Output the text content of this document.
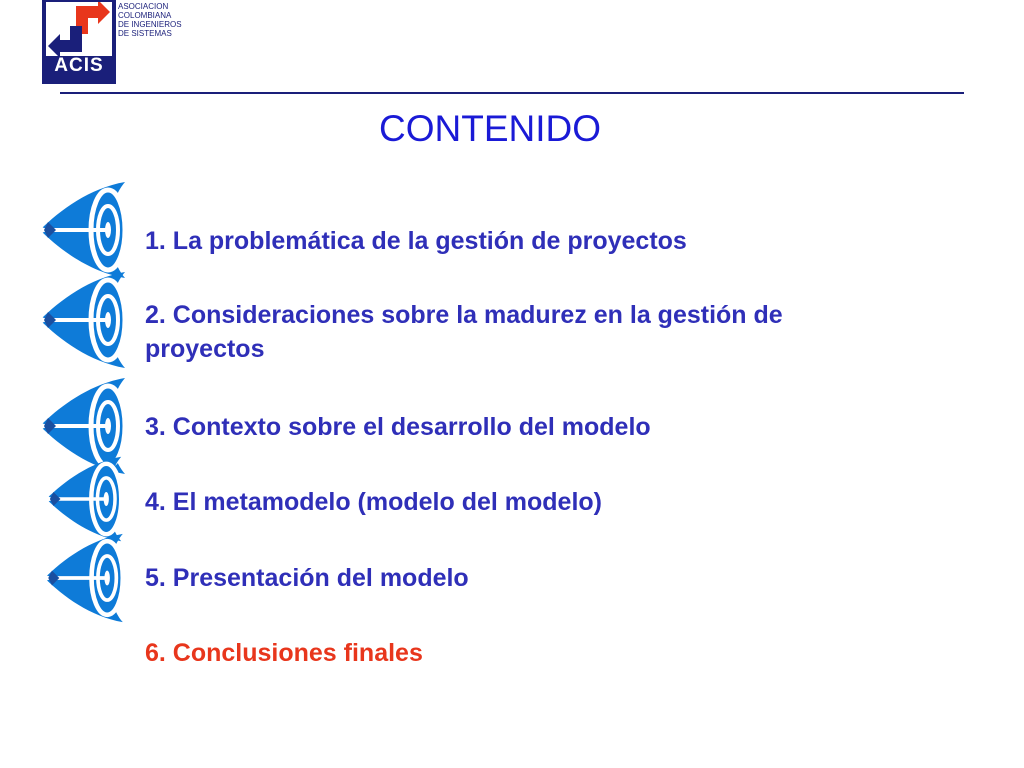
ACIS
ASOCIACION
COLOMBIANA
DE INGENIEROS
DE SISTEMAS
CONTENIDO
1. La problemática de la gestión de proyectos
2. Consideraciones sobre la madurez en la gestión de proyectos
3. Contexto sobre el desarrollo del modelo
4. El metamodelo (modelo del modelo)
5. Presentación del modelo
6. Conclusiones finales
